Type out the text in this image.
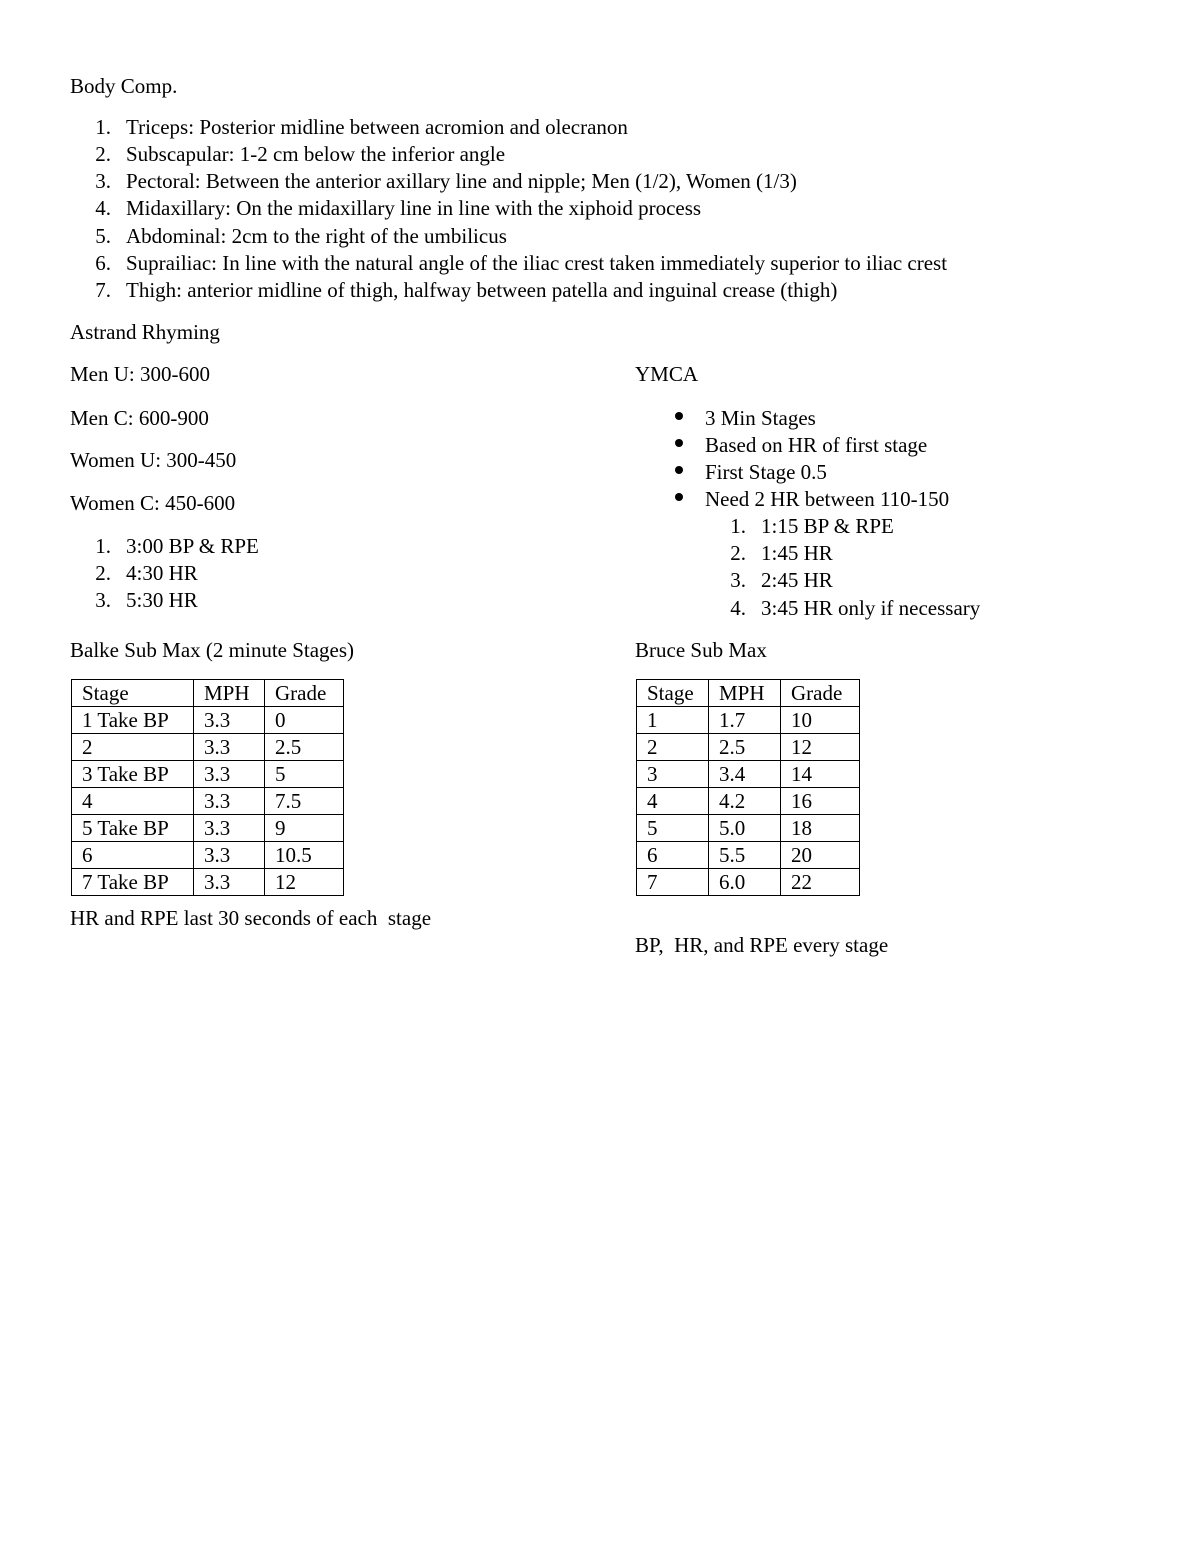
Body Comp.
1. Triceps: Posterior midline between acromion and olecranon
2. Subscapular: 1-2 cm below the inferior angle
3. Pectoral: Between the anterior axillary line and nipple; Men (1/2), Women (1/3)
4. Midaxillary: On the midaxillary line in line with the xiphoid process
5. Abdominal: 2cm to the right of the umbilicus
6. Suprailiac: In line with the natural angle of the iliac crest taken immediately superior to iliac crest
7. Thigh: anterior midline of thigh, halfway between patella and inguinal crease (thigh)
Astrand Rhyming
Men U: 300-600
Men C: 600-900
Women U: 300-450
Women C: 450-600
1. 3:00 BP & RPE
2. 4:30 HR
3. 5:30 HR
YMCA
3 Min Stages
Based on HR of first stage
First Stage 0.5
Need 2 HR between 110-150
1. 1:15 BP & RPE
2. 1:45 HR
3. 2:45 HR
4. 3:45 HR only if necessary
Balke Sub Max (2 minute Stages)
Stage	MPH	Grade
1 Take BP	3.3	0
2	3.3	2.5
3 Take BP	3.3	5
4	3.3	7.5
5 Take BP	3.3	9
6	3.3	10.5
7 Take BP	3.3	12
HR and RPE last 30 seconds of each  stage
Bruce Sub Max
Stage	MPH	Grade
1	1.7	10
2	2.5	12
3	3.4	14
4	4.2	16
5	5.0	18
6	5.5	20
7	6.0	22
BP,  HR, and RPE every stage
